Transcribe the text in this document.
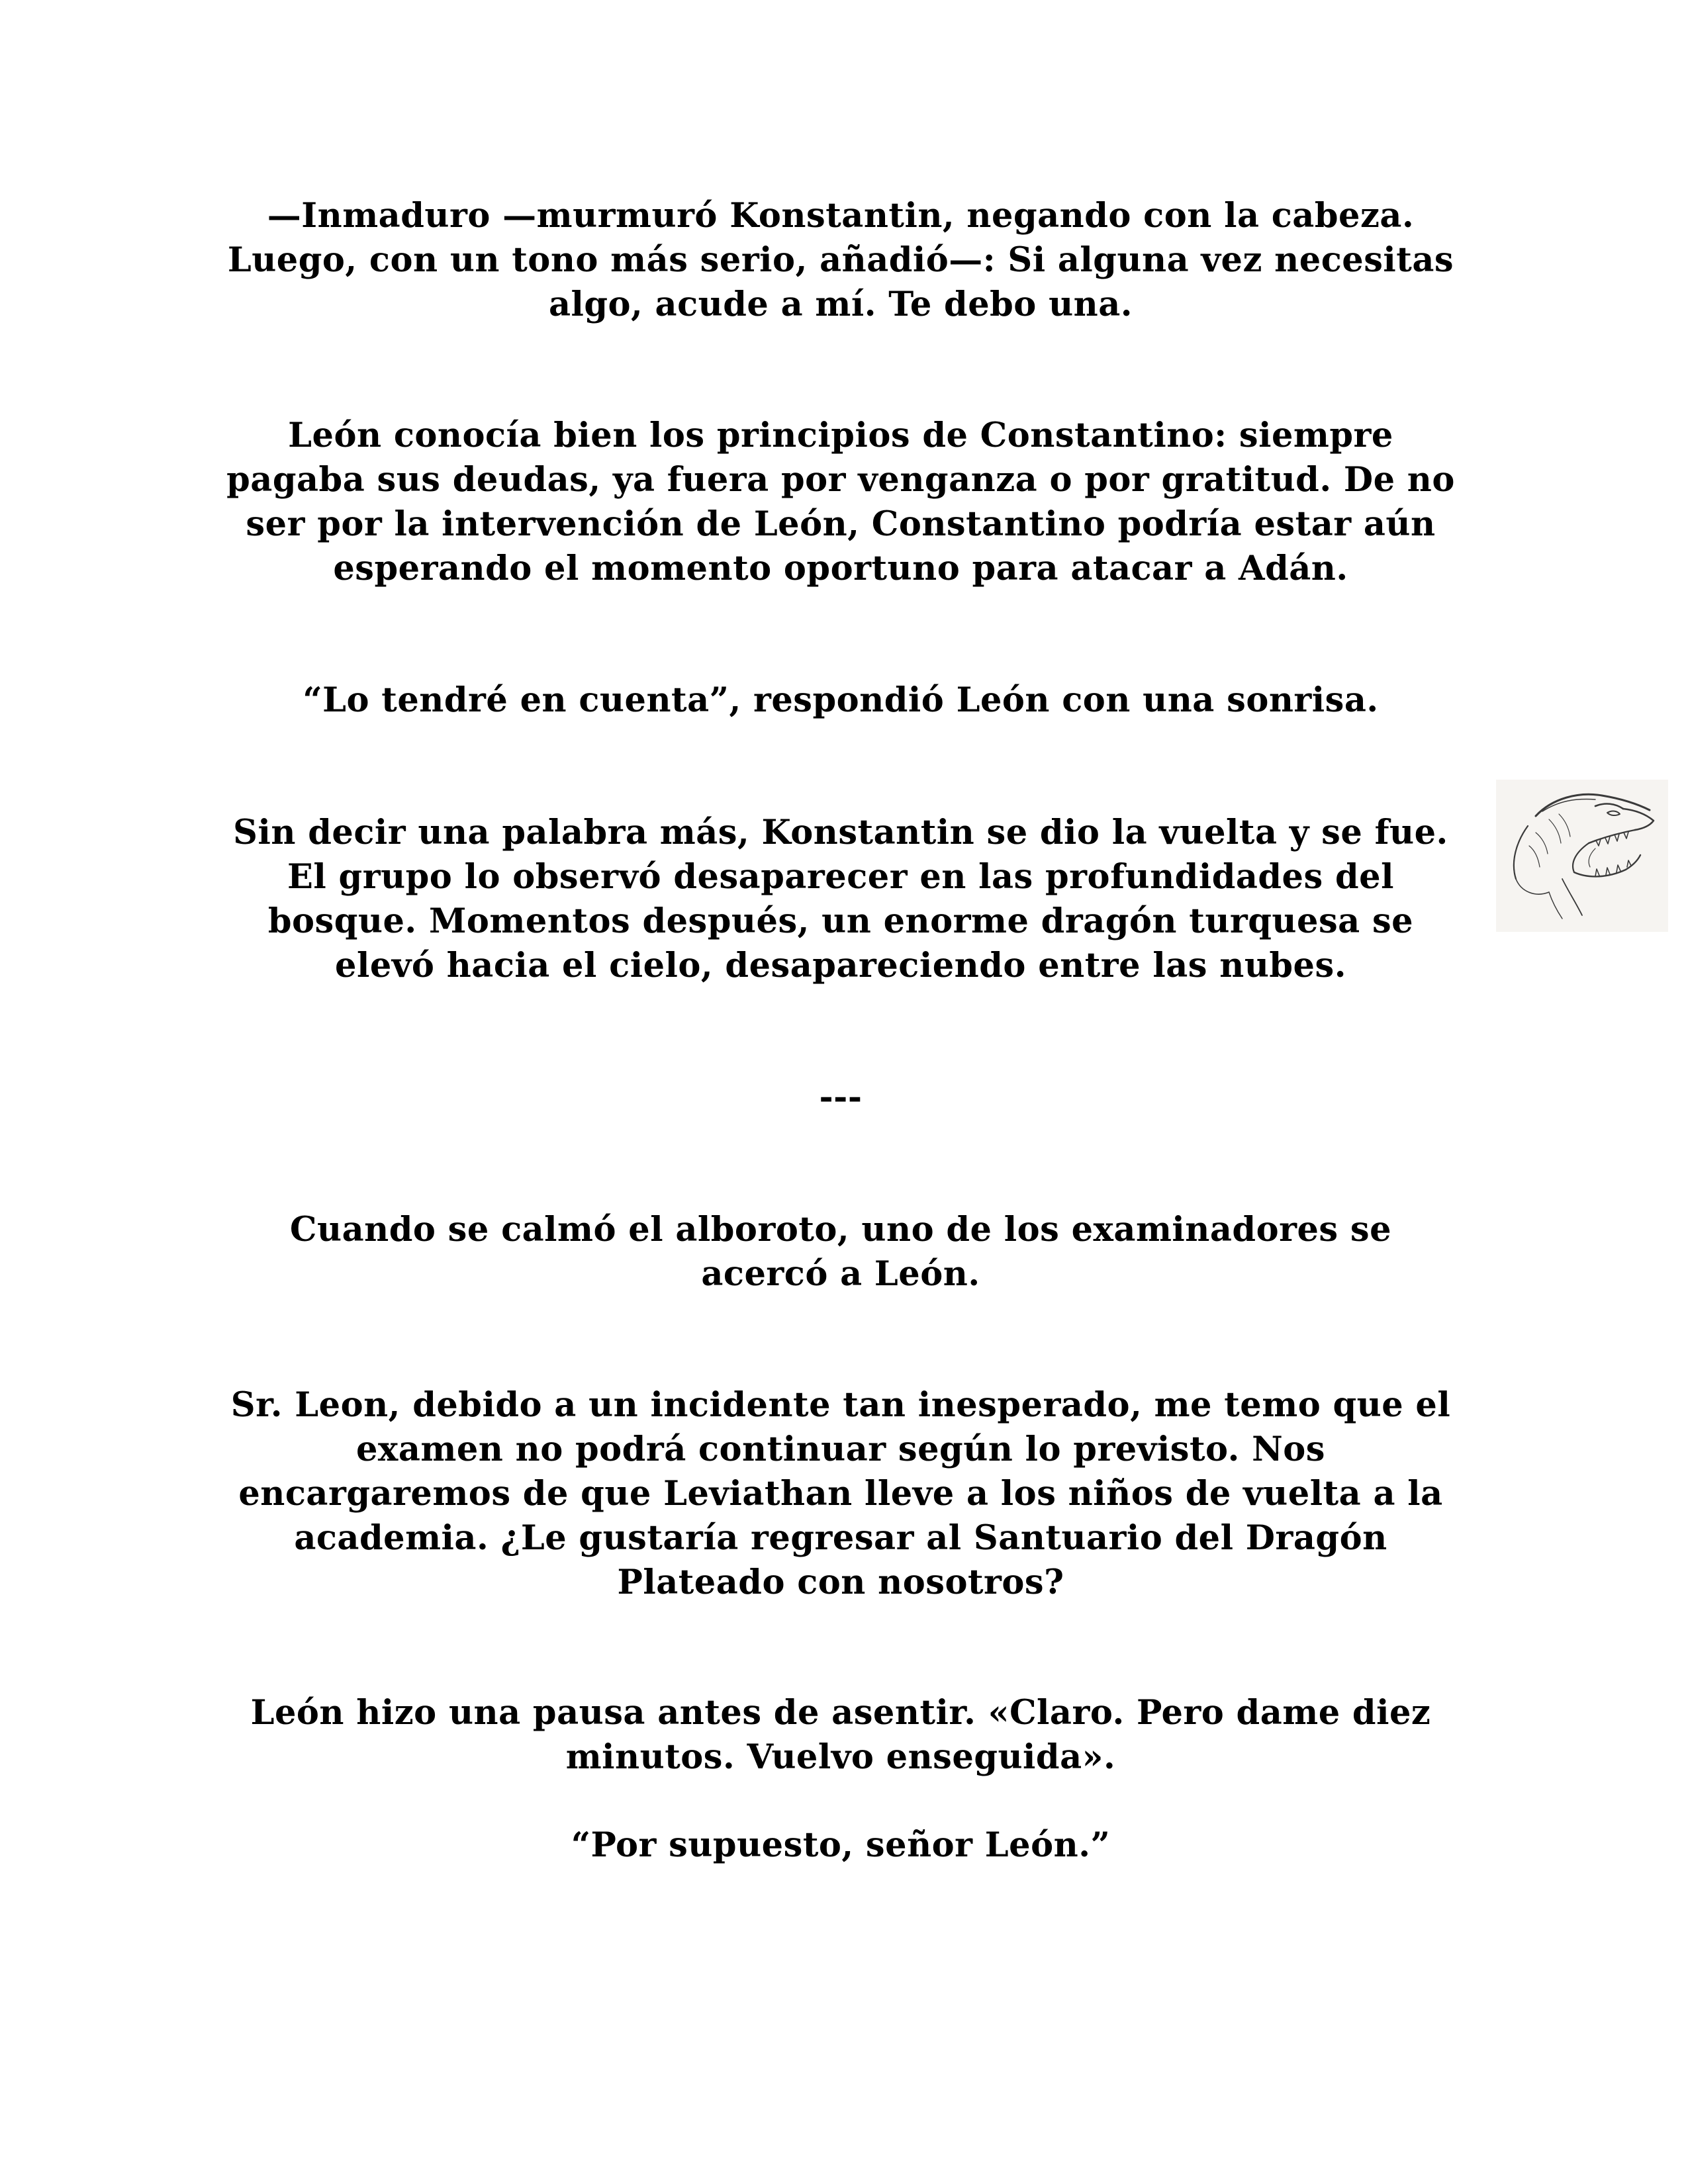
—Inmaduro —murmuró Konstantin, negando con la cabeza. Luego, con un tono más serio, añadió—: Si alguna vez necesitas algo, acude a mí. Te debo una.

León conocía bien los principios de Constantino: siempre pagaba sus deudas, ya fuera por venganza o por gratitud. De no ser por la intervención de León, Constantino podría estar aún esperando el momento oportuno para atacar a Adán.

“Lo tendré en cuenta”, respondió León con una sonrisa.

Sin decir una palabra más, Konstantin se dio la vuelta y se fue. El grupo lo observó desaparecer en las profundidades del bosque. Momentos después, un enorme dragón turquesa se elevó hacia el cielo, desapareciendo entre las nubes.

---

Cuando se calmó el alboroto, uno de los examinadores se acercó a León.

Sr. Leon, debido a un incidente tan inesperado, me temo que el examen no podrá continuar según lo previsto. Nos encargaremos de que Leviathan lleve a los niños de vuelta a la academia. ¿Le gustaría regresar al Santuario del Dragón Plateado con nosotros?

León hizo una pausa antes de asentir. «Claro. Pero dame diez minutos. Vuelvo enseguida».

“Por supuesto, señor León.”
